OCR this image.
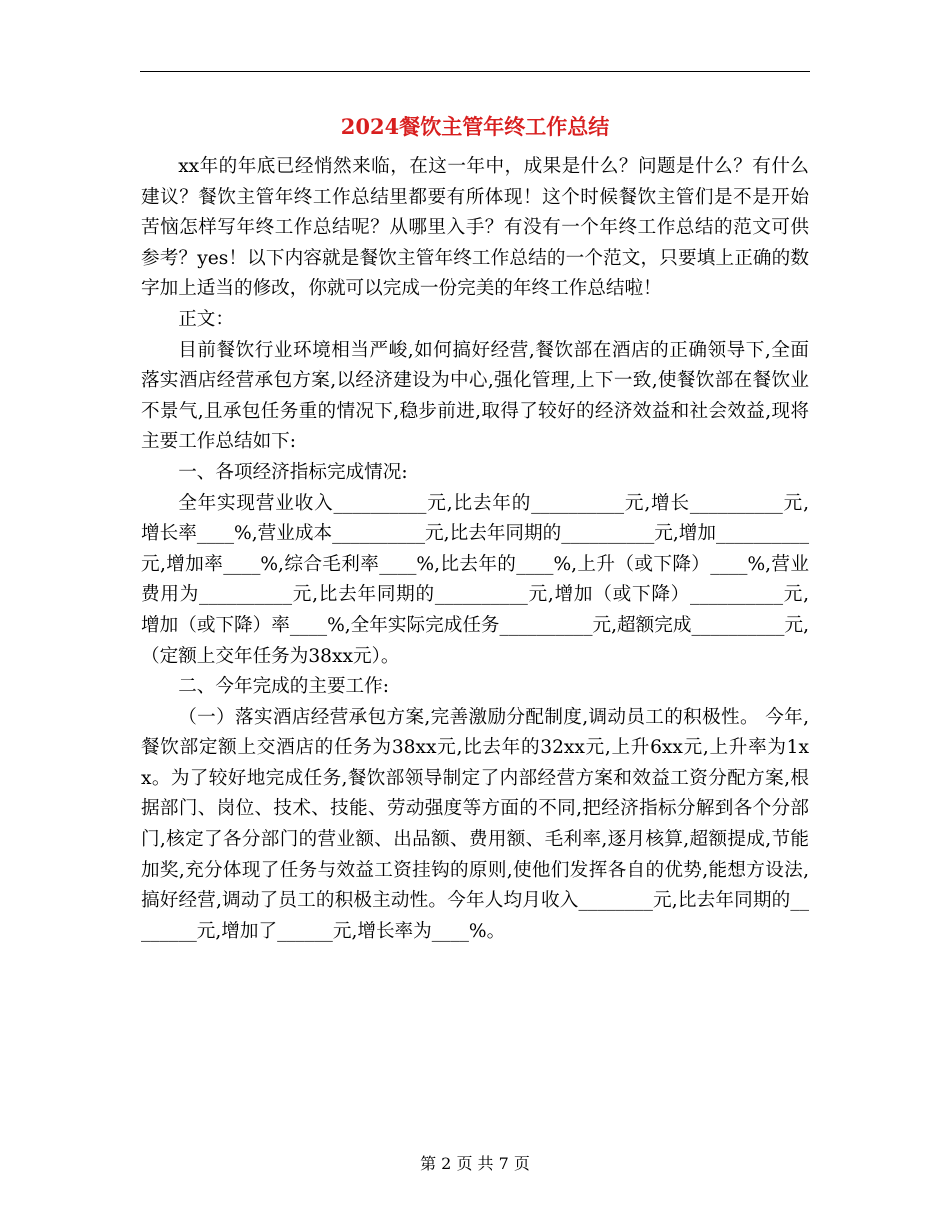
2024餐饮主管年终工作总结

xx年的年底已经悄然来临，在这一年中，成果是什么？问题是什么？有什么建议？餐饮主管年终工作总结里都要有所体现！这个时候餐饮主管们是不是开始苦恼怎样写年终工作总结呢？从哪里入手？有没有一个年终工作总结的范文可供参考？yes！以下内容就是餐饮主管年终工作总结的一个范文，只要填上正确的数字加上适当的修改，你就可以完成一份完美的年终工作总结啦！

正文：

目前餐饮行业环境相当严峻,如何搞好经营,餐饮部在酒店的正确领导下,全面落实酒店经营承包方案,以经济建设为中心,强化管理,上下一致,使餐饮部在餐饮业不景气,且承包任务重的情况下,稳步前进,取得了较好的经济效益和社会效益,现将主要工作总结如下:

一、各项经济指标完成情况:

全年实现营业收入__________元,比去年的__________元,增长__________元,增长率____%,营业成本__________元,比去年同期的__________元,增加__________元,增加率____%,综合毛利率____%,比去年的____%,上升（或下降）____%,营业费用为__________元,比去年同期的__________元,增加（或下降）__________元,增加（或下降）率____%,全年实际完成任务__________元,超额完成__________元,（定额上交年任务为38xx元）。

二、今年完成的主要工作:

（一）落实酒店经营承包方案,完善激励分配制度,调动员工的积极性。 今年,餐饮部定额上交酒店的任务为38xx元,比去年的32xx元,上升6xx元,上升率为1xx。为了较好地完成任务,餐饮部领导制定了内部经营方案和效益工资分配方案,根据部门、岗位、技术、技能、劳动强度等方面的不同,把经济指标分解到各个分部门,核定了各分部门的营业额、出品额、费用额、毛利率,逐月核算,超额提成,节能加奖,充分体现了任务与效益工资挂钩的原则,使他们发挥各自的优势,能想方设法,搞好经营,调动了员工的积极主动性。今年人均月收入________元,比去年同期的________元,增加了______元,增长率为____%。

第 2 页 共 7 页
